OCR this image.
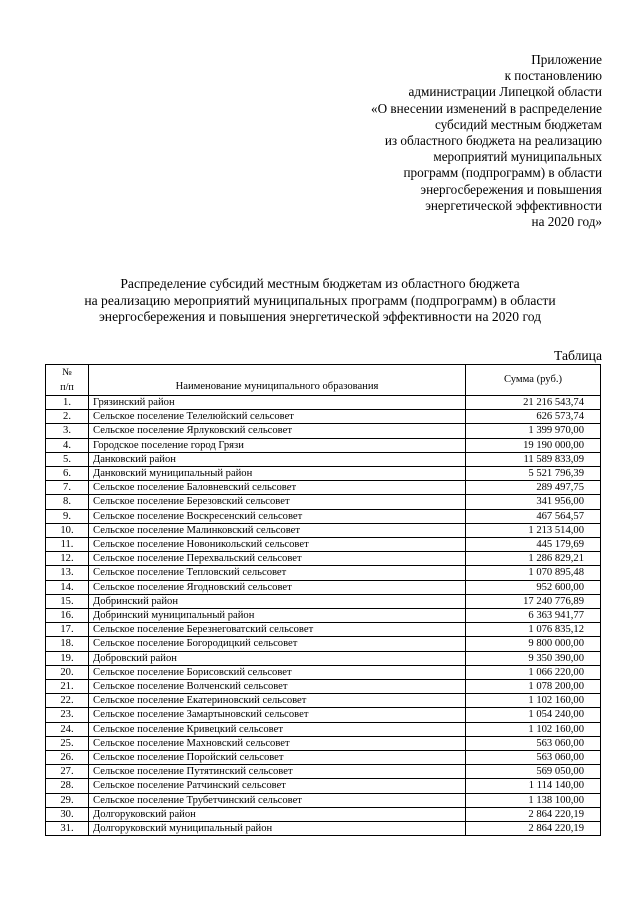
Приложение
к постановлению
администрации Липецкой области
«О внесении изменений в распределение
субсидий местным бюджетам
из областного бюджета на реализацию
мероприятий муниципальных
программ (подпрограмм) в области
энергосбережения и повышения
энергетической эффективности
на 2020 год»
Распределение субсидий местным бюджетам из областного бюджета
на реализацию мероприятий муниципальных программ (подпрограмм) в области
энергосбережения и повышения энергетической эффективности на 2020 год
Таблица
№
п/п	Наименование муниципального образования	Сумма (руб.)
1.	Грязинский район	21 216 543,74
2.	Сельское поселение Телелюйский сельсовет	626 573,74
3.	Сельское поселение Ярлуковский сельсовет	1 399 970,00
4.	Городское поселение город Грязи	19 190 000,00
5.	Данковский район	11 589 833,09
6.	Данковский муниципальный район	5 521 796,39
7.	Сельское поселение Баловневский сельсовет	289 497,75
8.	Сельское поселение Березовский сельсовет	341 956,00
9.	Сельское поселение Воскресенский сельсовет	467 564,57
10.	Сельское поселение Малинковский сельсовет	1 213 514,00
11.	Сельское поселение Новоникольский сельсовет	445 179,69
12.	Сельское поселение Перехвальский сельсовет	1 286 829,21
13.	Сельское поселение Тепловский сельсовет	1 070 895,48
14.	Сельское поселение Ягодновский сельсовет	952 600,00
15.	Добринский район	17 240 776,89
16.	Добринский муниципальный район	6 363 941,77
17.	Сельское поселение Березнеговатский сельсовет	1 076 835,12
18.	Сельское поселение Богородицкий сельсовет	9 800 000,00
19.	Добровский район	9 350 390,00
20.	Сельское поселение Борисовский сельсовет	1 066 220,00
21.	Сельское поселение Волченский сельсовет	1 078 200,00
22.	Сельское поселение Екатериновский сельсовет	1 102 160,00
23.	Сельское поселение Замартыновский сельсовет	1 054 240,00
24.	Сельское поселение Кривецкий сельсовет	1 102 160,00
25.	Сельское поселение Махновский сельсовет	563 060,00
26.	Сельское поселение Поройский сельсовет	563 060,00
27.	Сельское поселение Путятинский сельсовет	569 050,00
28.	Сельское поселение Ратчинский сельсовет	1 114 140,00
29.	Сельское поселение Трубетчинский сельсовет	1 138 100,00
30.	Долгоруковский район	2 864 220,19
31.	Долгоруковский муниципальный район	2 864 220,19
